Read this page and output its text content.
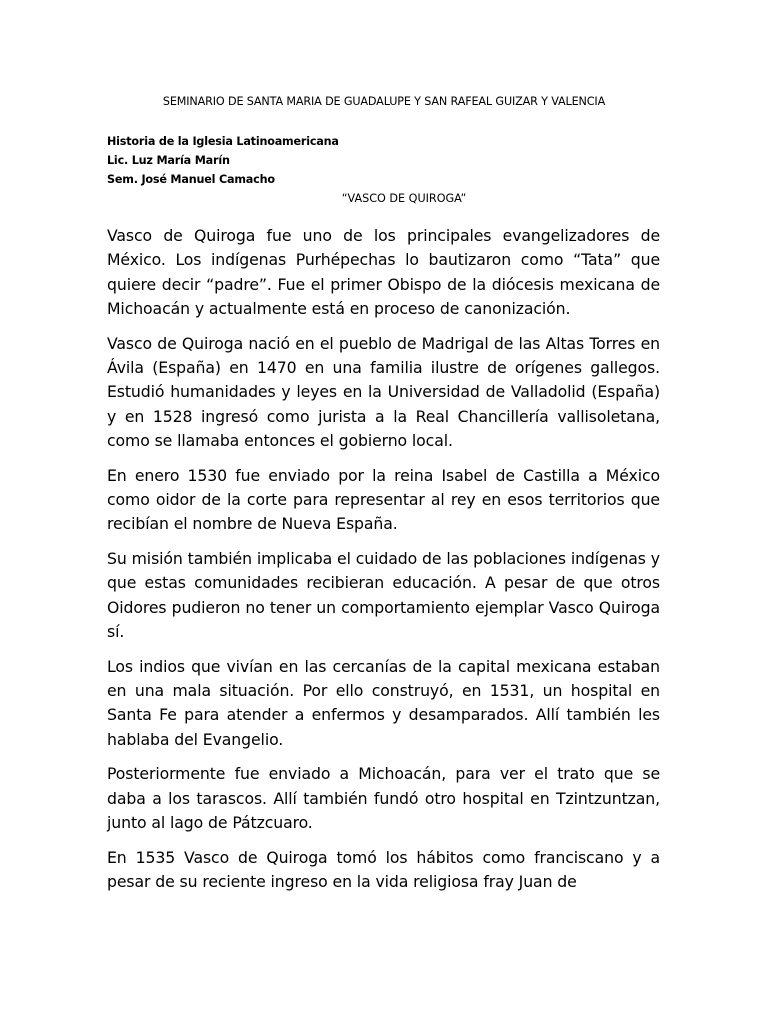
SEMINARIO DE SANTA MARIA DE GUADALUPE Y SAN RAFEAL GUIZAR Y VALENCIA
Historia de la Iglesia Latinoamericana
Lic. Luz María Marín
Sem. José Manuel Camacho
“VASCO DE QUIROGA”

Vasco de Quiroga fue uno de los principales evangelizadores de México. Los indígenas Purhépechas lo bautizaron como “Tata” que quiere decir “padre”. Fue el primer Obispo de la diócesis mexicana de Michoacán y actualmente está en proceso de canonización.

Vasco de Quiroga nació en el pueblo de Madrigal de las Altas Torres en Ávila (España) en 1470 en una familia ilustre de orígenes gallegos. Estudió humanidades y leyes en la Universidad de Valladolid (España) y en 1528 ingresó como jurista a la Real Chancillería vallisoletana, como se llamaba entonces el gobierno local.

En enero 1530 fue enviado por la reina Isabel de Castilla a México como oidor de la corte para representar al rey en esos territorios que recibían el nombre de Nueva España.

Su misión también implicaba el cuidado de las poblaciones indígenas y que estas comunidades recibieran educación. A pesar de que otros Oidores pudieron no tener un comportamiento ejemplar Vasco Quiroga sí.

Los indios que vivían en las cercanías de la capital mexicana estaban en una mala situación. Por ello construyó, en 1531, un hospital en Santa Fe para atender a enfermos y desamparados. Allí también les hablaba del Evangelio.

Posteriormente fue enviado a Michoacán, para ver el trato que se daba a los tarascos. Allí también fundó otro hospital en Tzintzuntzan, junto al lago de Pátzcuaro.

En 1535 Vasco de Quiroga tomó los hábitos como franciscano y a pesar de su reciente ingreso en la vida religiosa fray Juan de
